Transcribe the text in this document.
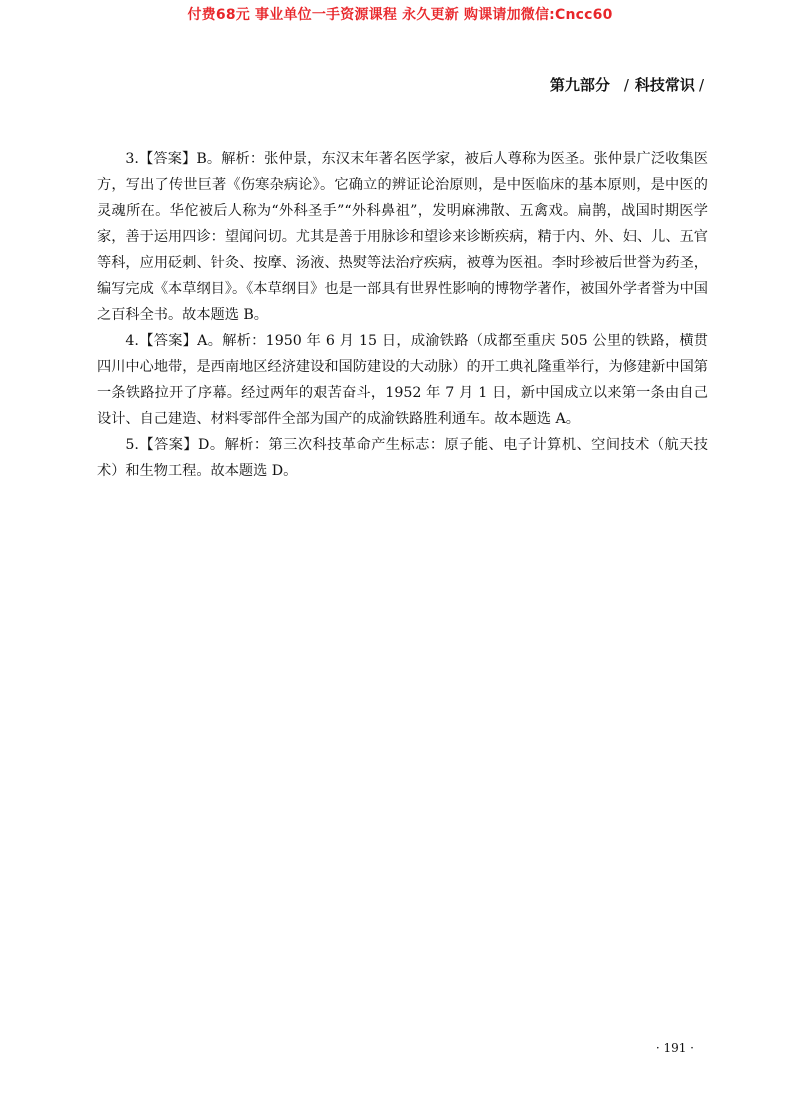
付费68元 事业单位一手资源课程 永久更新 购课请加微信:Cncc60
第九部分 / 科技常识 /

3.【答案】B。解析：张仲景，东汉末年著名医学家，被后人尊称为医圣。张仲景广泛收集医方，写出了传世巨著《伤寒杂病论》。它确立的辨证论治原则，是中医临床的基本原则，是中医的灵魂所在。华佗被后人称为“外科圣手”“外科鼻祖”，发明麻沸散、五禽戏。扁鹊，战国时期医学家，善于运用四诊：望闻问切。尤其是善于用脉诊和望诊来诊断疾病，精于内、外、妇、儿、五官等科，应用砭刺、针灸、按摩、汤液、热熨等法治疗疾病，被尊为医祖。李时珍被后世誉为药圣，编写完成《本草纲目》。《本草纲目》也是一部具有世界性影响的博物学著作，被国外学者誉为中国之百科全书。故本题选 B。

4.【答案】A。解析：1950 年 6 月 15 日，成渝铁路（成都至重庆 505 公里的铁路，横贯四川中心地带，是西南地区经济建设和国防建设的大动脉）的开工典礼隆重举行，为修建新中国第一条铁路拉开了序幕。经过两年的艰苦奋斗，1952 年 7 月 1 日，新中国成立以来第一条由自己设计、自己建造、材料零部件全部为国产的成渝铁路胜利通车。故本题选 A。

5.【答案】D。解析：第三次科技革命产生标志：原子能、电子计算机、空间技术（航天技术）和生物工程。故本题选 D。

· 191 ·
